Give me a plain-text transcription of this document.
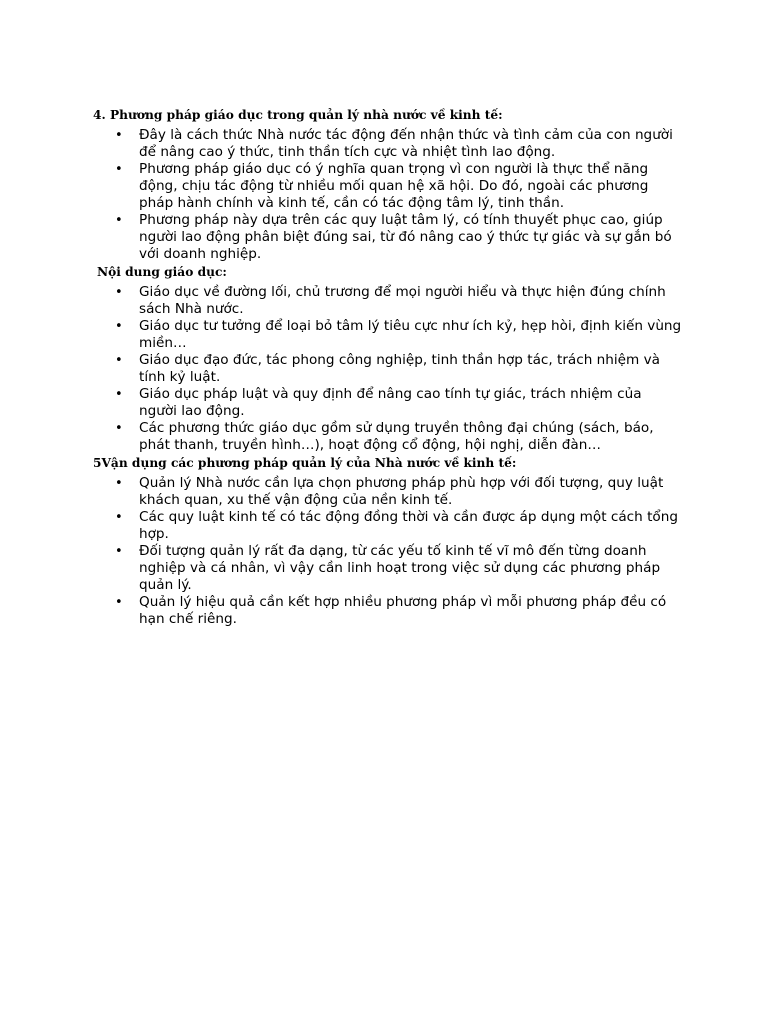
4. Phương pháp giáo dục trong quản lý nhà nước về kinh tế:

• Đây là cách thức Nhà nước tác động đến nhận thức và tình cảm của con người để nâng cao ý thức, tinh thần tích cực và nhiệt tình lao động.
• Phương pháp giáo dục có ý nghĩa quan trọng vì con người là thực thể năng động, chịu tác động từ nhiều mối quan hệ xã hội. Do đó, ngoài các phương pháp hành chính và kinh tế, cần có tác động tâm lý, tinh thần.
• Phương pháp này dựa trên các quy luật tâm lý, có tính thuyết phục cao, giúp người lao động phân biệt đúng sai, từ đó nâng cao ý thức tự giác và sự gắn bó với doanh nghiệp.

Nội dung giáo dục:

• Giáo dục về đường lối, chủ trương để mọi người hiểu và thực hiện đúng chính sách Nhà nước.
• Giáo dục tư tưởng để loại bỏ tâm lý tiêu cực như ích kỷ, hẹp hòi, định kiến vùng miền…
• Giáo dục đạo đức, tác phong công nghiệp, tinh thần hợp tác, trách nhiệm và tính kỷ luật.
• Giáo dục pháp luật và quy định để nâng cao tính tự giác, trách nhiệm của người lao động.
• Các phương thức giáo dục gồm sử dụng truyền thông đại chúng (sách, báo, phát thanh, truyền hình…), hoạt động cổ động, hội nghị, diễn đàn…

5Vận dụng các phương pháp quản lý của Nhà nước về kinh tế:

• Quản lý Nhà nước cần lựa chọn phương pháp phù hợp với đối tượng, quy luật khách quan, xu thế vận động của nền kinh tế.
• Các quy luật kinh tế có tác động đồng thời và cần được áp dụng một cách tổng hợp.
• Đối tượng quản lý rất đa dạng, từ các yếu tố kinh tế vĩ mô đến từng doanh nghiệp và cá nhân, vì vậy cần linh hoạt trong việc sử dụng các phương pháp quản lý.
• Quản lý hiệu quả cần kết hợp nhiều phương pháp vì mỗi phương pháp đều có hạn chế riêng.
